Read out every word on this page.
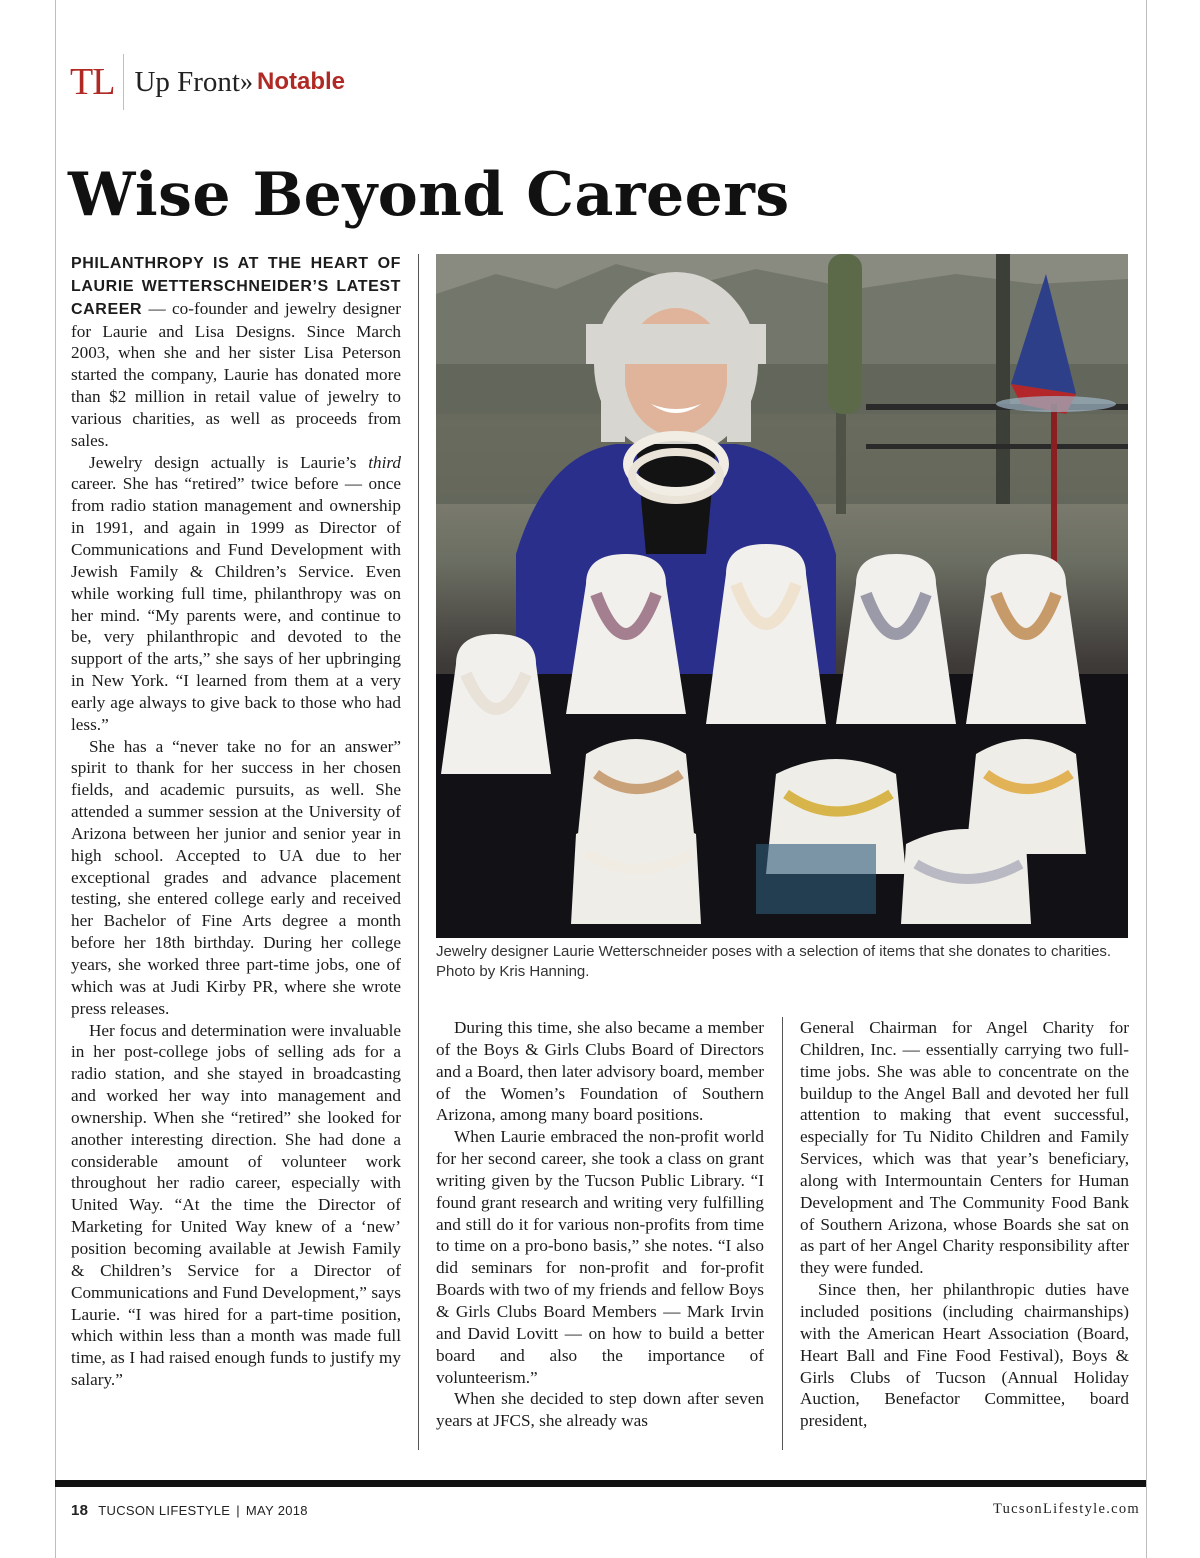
TL Up Front » Notable
Wise Beyond Careers

PHILANTHROPY IS AT THE HEART OF LAURIE WETTERSCHNEIDER’S LATEST CAREER — co-founder and jewelry designer for Laurie and Lisa Designs. Since March 2003, when she and her sister Lisa Peterson started the company, Laurie has donated more than $2 million in retail value of jewelry to various charities, as well as proceeds from sales.

Jewelry design actually is Laurie’s third career. She has “retired” twice before — once from radio station management and ownership in 1991, and again in 1999 as Director of Communications and Fund Development with Jewish Family & Children’s Service. Even while working full time, philanthropy was on her mind. “My parents were, and continue to be, very philanthropic and devoted to the support of the arts,” she says of her upbringing in New York. “I learned from them at a very early age always to give back to those who had less.”

She has a “never take no for an answer” spirit to thank for her success in her chosen fields, and academic pursuits, as well. She attended a summer session at the University of Arizona between her junior and senior year in high school. Accepted to UA due to her exceptional grades and advance placement testing, she entered college early and received her Bachelor of Fine Arts degree a month before her 18th birthday. During her college years, she worked three part-time jobs, one of which was at Judi Kirby PR, where she wrote press releases.

Her focus and determination were invaluable in her post-college jobs of selling ads for a radio station, and she stayed in broadcasting and worked her way into management and ownership. When she “retired” she looked for another interesting direction. She had done a considerable amount of volunteer work throughout her radio career, especially with United Way. “At the time the Director of Marketing for United Way knew of a ‘new’ position becoming available at Jewish Family & Children’s Service for a Director of Communications and Fund Development,” says Laurie. “I was hired for a part-time position, which within less than a month was made full time, as I had raised enough funds to justify my salary.”

Jewelry designer Laurie Wetterschneider poses with a selection of items that she donates to charities. Photo by Kris Hanning.

During this time, she also became a member of the Boys & Girls Clubs Board of Directors and a Board, then later advisory board, member of the Women’s Foundation of Southern Arizona, among many board positions.

When Laurie embraced the non-profit world for her second career, she took a class on grant writing given by the Tucson Public Library. “I found grant research and writing very fulfilling and still do it for various non-profits from time to time on a pro-bono basis,” she notes. “I also did seminars for non-profit and for-profit Boards with two of my friends and fellow Boys & Girls Clubs Board Members — Mark Irvin and David Lovitt — on how to build a better board and also the importance of volunteerism.”

When she decided to step down after seven years at JFCS, she already was

General Chairman for Angel Charity for Children, Inc. — essentially carrying two full-time jobs. She was able to concentrate on the buildup to the Angel Ball and devoted her full attention to making that event successful, especially for Tu Nidito Children and Family Services, which was that year’s beneficiary, along with Intermountain Centers for Human Development and The Community Food Bank of Southern Arizona, whose Boards she sat on as part of her Angel Charity responsibility after they were funded.

Since then, her philanthropic duties have included positions (including chairmanships) with the American Heart Association (Board, Heart Ball and Fine Food Festival), Boys & Girls Clubs of Tucson (Annual Holiday Auction, Benefactor Committee, board president,

18 TUCSON LIFESTYLE | MAY 2018	TucsonLifestyle.com
